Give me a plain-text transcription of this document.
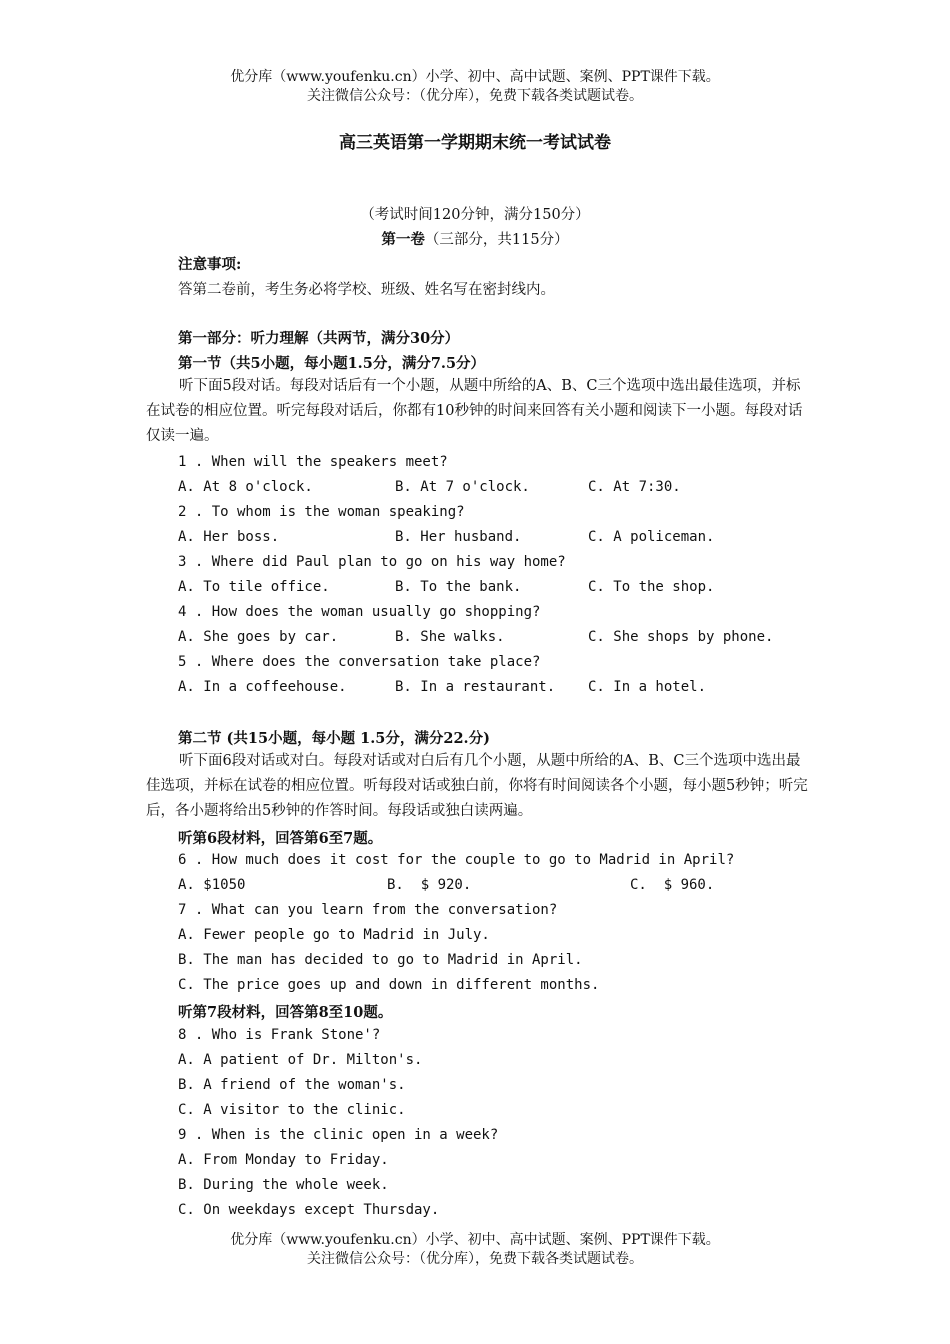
优分库（www.youfenku.cn）小学、初中、高中试题、案例、PPT课件下载。
关注微信公众号：（优分库），免费下载各类试题试卷。
高三英语第一学期期末统一考试试卷
（考试时间120分钟，满分150分）
第一卷（三部分，共115分）
注意事项:
答第二卷前，考生务必将学校、班级、姓名写在密封线内。
第一部分：听力理解（共两节，满分30分）
第一节（共5小题，每小题1.5分，满分7.5分）
听下面5段对话。每段对话后有一个小题，从题中所给的A、B、C三个选项中选出最佳选项，并标在试卷的相应位置。听完每段对话后，你都有10秒钟的时间来回答有关小题和阅读下一小题。每段对话仅读一遍。
1 . When will the speakers meet?
A. At 8 o'clock.	B. At 7 o'clock.	C. At 7:30.
2 . To whom is the woman speaking?
A. Her boss.	B. Her husband.	C. A policeman.
3 . Where did Paul plan to go on his way home?
A. To tile office.	B. To the bank.	C. To the shop.
4 . How does the woman usually go shopping?
A. She goes by car.	B. She walks.	C. She shops by phone.
5 . Where does the conversation take place?
A. In a coffeehouse.	B. In a restaurant. C. In a hotel.
第二节 (共15小题，每小题 1.5分，满分22.分)
听下面6段对话或对白。每段对话或对白后有几个小题，从题中所给的A、B、C三个选项中选出最佳选项，并标在试卷的相应位置。听每段对话或独白前，你将有时间阅读各个小题，每小题5秒钟；听完后，各小题将给出5秒钟的作答时间。每段话或独白读两遍。
听第6段材料，回答第6至7题。
6 . How much does it cost for the couple to go to Madrid in April?
A. $1050	B.  $ 920.	C.  $ 960.
7 . What can you learn from the conversation?
A. Fewer people go to Madrid in July.
B. The man has decided to go to Madrid in April.
C. The price goes up and down in different months.
听第7段材料，回答第8至10题。
8 . Who is Frank Stone'?
A. A patient of Dr. Milton's.
B. A friend of the woman's.
C. A visitor to the clinic.
9 . When is the clinic open in a week?
A. From Monday to Friday.
B. During the whole week.
C. On weekdays except Thursday.
优分库（www.youfenku.cn）小学、初中、高中试题、案例、PPT课件下载。
关注微信公众号：（优分库），免费下载各类试题试卷。
